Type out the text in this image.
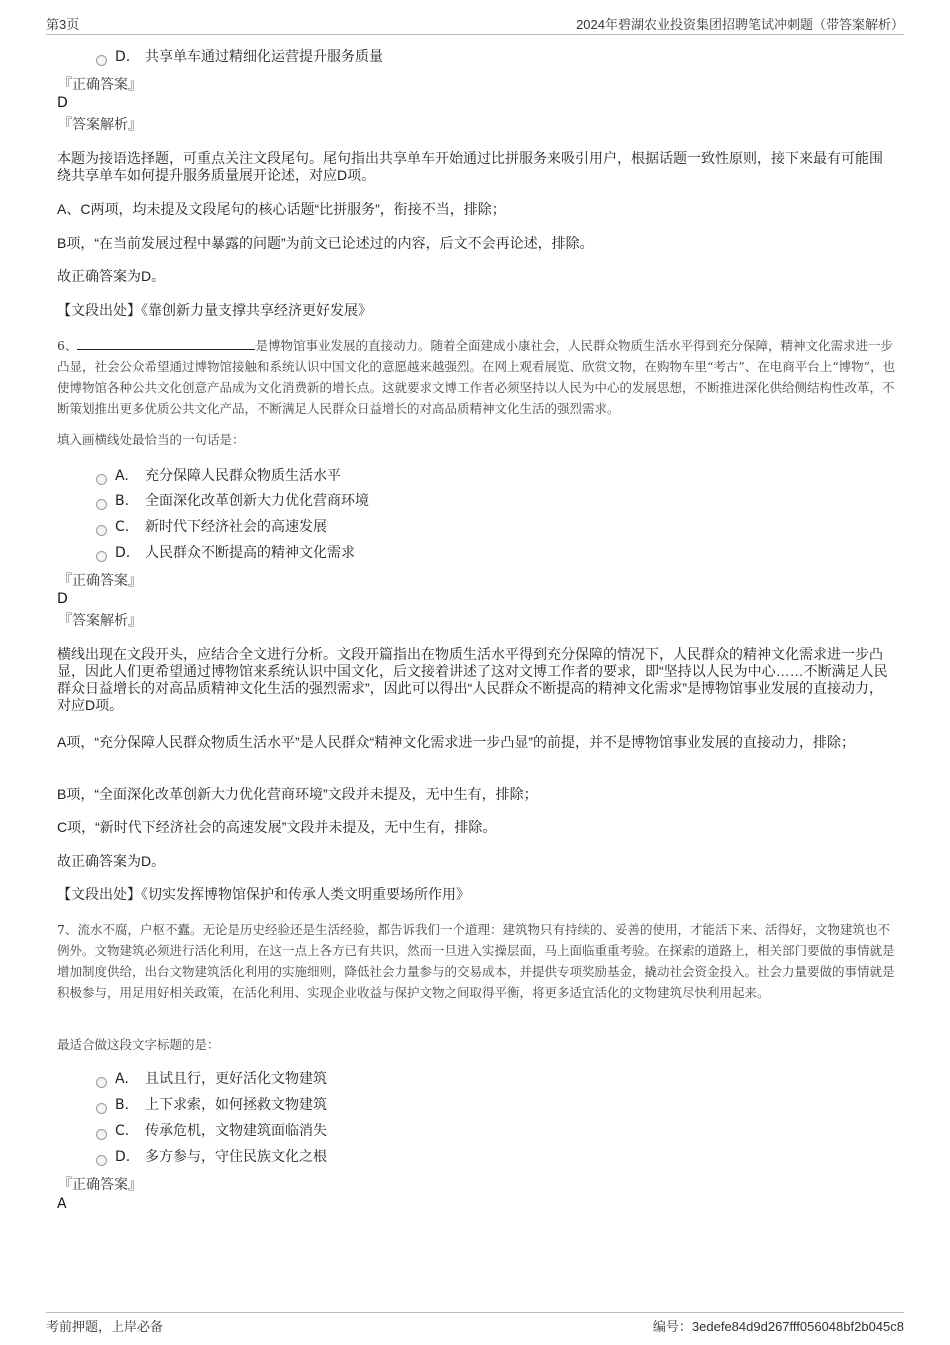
第3页	2024年碧湖农业投资集团招聘笔试冲刺题（带答案解析）
D. 共享单车通过精细化运营提升服务质量
『正确答案』
D
『答案解析』
本题为接语选择题，可重点关注文段尾句。尾句指出共享单车开始通过比拼服务来吸引用户，根据话题一致性原则，接下来最有可能围绕共享单车如何提升服务质量展开论述，对应D项。
A、C两项，均未提及文段尾句的核心话题“比拼服务”，衔接不当，排除；
B项，“在当前发展过程中暴露的问题”为前文已论述过的内容，后文不会再论述，排除。
故正确答案为D。
【文段出处】《靠创新力量支撑共享经济更好发展》
6、	是博物馆事业发展的直接动力。随着全面建成小康社会，人民群众物质生活水平得到充分保障，精神文化需求进一步凸显，社会公众希望通过博物馆接触和系统认识中国文化的意愿越来越强烈。在网上观看展览、欣赏文物，在购物车里“考古”、在电商平台上“博物”，也使博物馆各种公共文化创意产品成为文化消费新的增长点。这就要求文博工作者必须坚持以人民为中心的发展思想，不断推进深化供给侧结构性改革，不断策划推出更多优质公共文化产品，不断满足人民群众日益增长的对高品质精神文化生活的强烈需求。
填入画横线处最恰当的一句话是：
A. 充分保障人民群众物质生活水平
B. 全面深化改革创新大力优化营商环境
C. 新时代下经济社会的高速发展
D. 人民群众不断提高的精神文化需求
『正确答案』
D
『答案解析』
横线出现在文段开头，应结合全文进行分析。文段开篇指出在物质生活水平得到充分保障的情况下，人民群众的精神文化需求进一步凸显，因此人们更希望通过博物馆来系统认识中国文化，后文接着讲述了这对文博工作者的要求，即“坚持以人民为中心……不断满足人民群众日益增长的对高品质精神文化生活的强烈需求”，因此可以得出“人民群众不断提高的精神文化需求”是博物馆事业发展的直接动力，对应D项。
A项，“充分保障人民群众物质生活水平”是人民群众“精神文化需求进一步凸显”的前提，并不是博物馆事业发展的直接动力，排除；
B项，“全面深化改革创新大力优化营商环境”文段并未提及，无中生有，排除；
C项，“新时代下经济社会的高速发展”文段并未提及，无中生有，排除。
故正确答案为D。
【文段出处】《切实发挥博物馆保护和传承人类文明重要场所作用》
7、流水不腐，户枢不蠹。无论是历史经验还是生活经验，都告诉我们一个道理：建筑物只有持续的、妥善的使用，才能活下来、活得好，文物建筑也不例外。文物建筑必须进行活化利用，在这一点上各方已有共识，然而一旦进入实操层面，马上面临重重考验。在探索的道路上，相关部门要做的事情就是增加制度供给，出台文物建筑活化利用的实施细则，降低社会力量参与的交易成本，并提供专项奖励基金，撬动社会资金投入。社会力量要做的事情就是积极参与，用足用好相关政策，在活化利用、实现企业收益与保护文物之间取得平衡，将更多适宜活化的文物建筑尽快利用起来。
最适合做这段文字标题的是：
A. 且试且行，更好活化文物建筑
B. 上下求索，如何拯救文物建筑
C. 传承危机，文物建筑面临消失
D. 多方参与，守住民族文化之根
『正确答案』
A
考前押题，上岸必备	编号：3edefe84d9d267fff056048bf2b045c8
